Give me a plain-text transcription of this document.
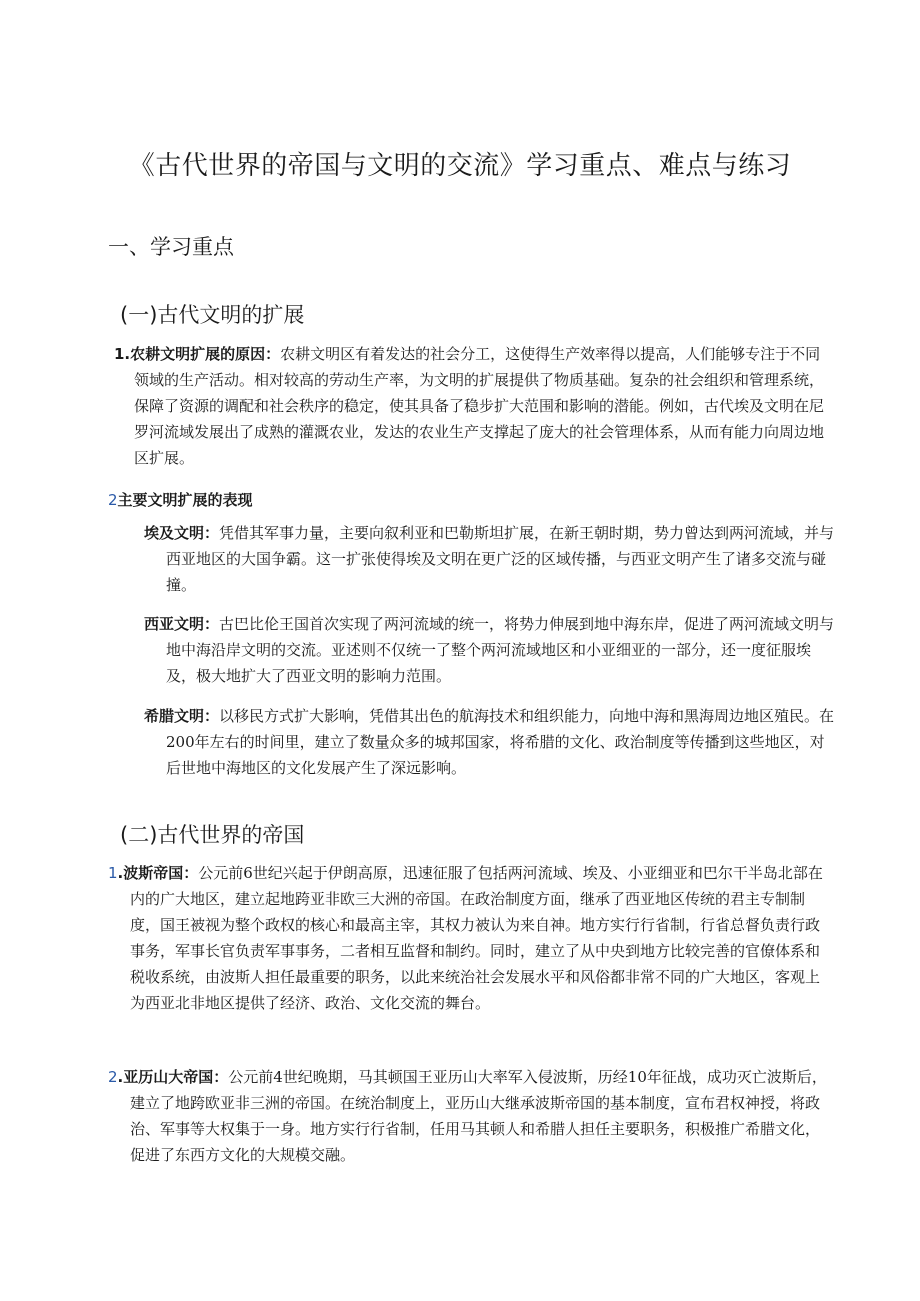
《古代世界的帝国与文明的交流》学习重点、难点与练习
一、学习重点
(一)古代文明的扩展

1.农耕文明扩展的原因：农耕文明区有着发达的社会分工，这使得生产效率得以提高，人们能够专注于不同领域的生产活动。相对较高的劳动生产率，为文明的扩展提供了物质基础。复杂的社会组织和管理系统，保障了资源的调配和社会秩序的稳定，使其具备了稳步扩大范围和影响的潜能。例如，古代埃及文明在尼罗河流域发展出了成熟的灌溉农业，发达的农业生产支撑起了庞大的社会管理体系，从而有能力向周边地区扩展。

2主要文明扩展的表现

埃及文明：凭借其军事力量，主要向叙利亚和巴勒斯坦扩展，在新王朝时期，势力曾达到两河流域，并与西亚地区的大国争霸。这一扩张使得埃及文明在更广泛的区域传播，与西亚文明产生了诸多交流与碰撞。

西亚文明：古巴比伦王国首次实现了两河流域的统一，将势力伸展到地中海东岸，促进了两河流域文明与地中海沿岸文明的交流。亚述则不仅统一了整个两河流域地区和小亚细亚的一部分，还一度征服埃及，极大地扩大了西亚文明的影响力范围。

希腊文明：以移民方式扩大影响，凭借其出色的航海技术和组织能力，向地中海和黑海周边地区殖民。在200年左右的时间里，建立了数量众多的城邦国家，将希腊的文化、政治制度等传播到这些地区，对后世地中海地区的文化发展产生了深远影响。

(二)古代世界的帝国

1.波斯帝国：公元前6世纪兴起于伊朗高原，迅速征服了包括两河流域、埃及、小亚细亚和巴尔干半岛北部在内的广大地区，建立起地跨亚非欧三大洲的帝国。在政治制度方面，继承了西亚地区传统的君主专制制度，国王被视为整个政权的核心和最高主宰，其权力被认为来自神。地方实行行省制，行省总督负责行政事务，军事长官负责军事事务，二者相互监督和制约。同时，建立了从中央到地方比较完善的官僚体系和税收系统，由波斯人担任最重要的职务，以此来统治社会发展水平和风俗都非常不同的广大地区，客观上为西亚北非地区提供了经济、政治、文化交流的舞台。

2.亚历山大帝国：公元前4世纪晚期，马其顿国王亚历山大率军入侵波斯，历经10年征战，成功灭亡波斯后，建立了地跨欧亚非三洲的帝国。在统治制度上，亚历山大继承波斯帝国的基本制度，宣布君权神授，将政治、军事等大权集于一身。地方实行行省制，任用马其顿人和希腊人担任主要职务，积极推广希腊文化，促进了东西方文化的大规模交融。
